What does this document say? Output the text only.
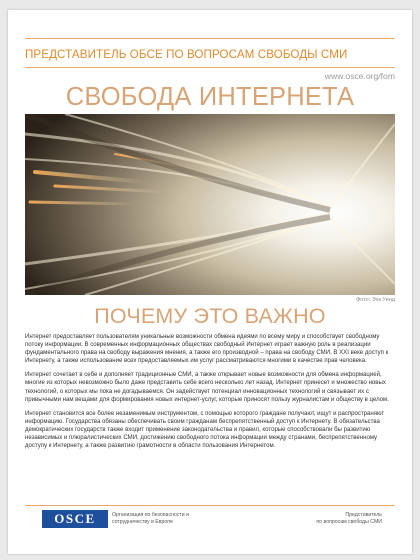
ПРЕДСТАВИТЕЛЬ ОБСЕ ПО ВОПРОСАМ СВОБОДЫ СМИ
www.osce.org/fom
СВОБОДА ИНТЕРНЕТА
Фото: Эхк Уинд
ПОЧЕМУ ЭТО ВАЖНО

Интернет предоставляет пользователям уникальные возможности обмена идеями по всему миру и способствует свободному потоку информации. В современных информационных обществах свободный Интернет играет важную роль в реализации фундаментального права на свободу выражения мнения, а также его производной – права на свободу СМИ. В XXI веке доступ к Интернету, а также использование всех предоставляемых им услуг рассматриваются многими в качестве прав человека.

Интернет сочетает в себе и дополняет традиционные СМИ, а также открывает новые возможности для обмена информацией, многие из которых невозможно было даже представить себе всего несколько лет назад. Интернет принесет и множество новых технологий, о которых мы пока не догадываемся. Он задействует потенциал инновационных технологий и связывает их с привычными нам вещами для формирования новых интернет-услуг, которые приносят пользу журналистам и обществу в целом.

Интернет становится все более незаменимым инструментом, с помощью которого граждане получают, ищут и распространяют информацию. Государства обязаны обеспечивать своим гражданам беспрепятственный доступ к Интернету. В обязательства демократических государств также входит применение законодательства и правил, которые способствовали бы развитию независимых и плюралистических СМИ, достижению свободного потока информации между странами, беспрепятственному доступу к Интернету, а также развитию грамотности в области пользования Интернетом.

OSCE	Организация по безопасности и
сотрудничеству в Европе
Представитель
по вопросам свободы СМИ
